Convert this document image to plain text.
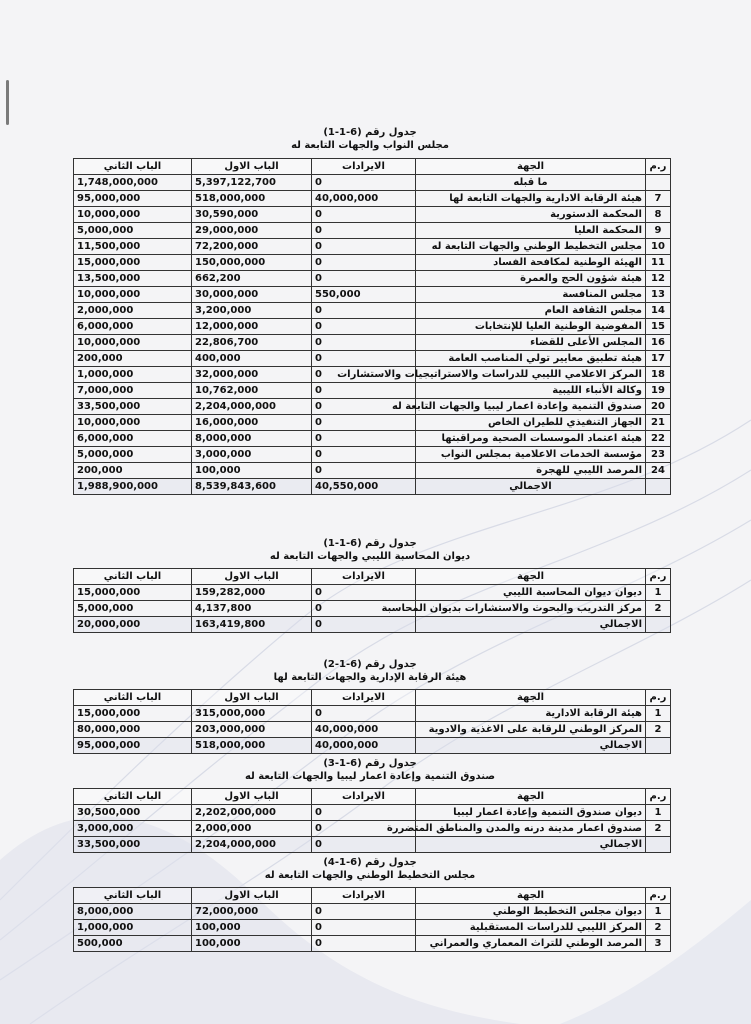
جدول رقم (6-1-1)
مجلس النواب والجهات التابعة له
ر.م	الجهة	الايرادات	الباب الاول	الباب الثاني
	ما قبله	0	5,397,122,700	1,748,000,000
7	هيئة الرقابة الادارية والجهات التابعة لها	40,000,000	518,000,000	95,000,000
8	المحكمة الدستورية	0	30,590,000	10,000,000
9	المحكمة العليا	0	29,000,000	5,000,000
10	مجلس التخطيط الوطني والجهات التابعة له	0	72,200,000	11,500,000
11	الهيئة الوطنية لمكافحة الفساد	0	150,000,000	15,000,000
12	هيئة شؤون الحج والعمرة	0	662,200	13,500,000
13	مجلس المنافسة	550,000	30,000,000	10,000,000
14	مجلس الثقافة العام	0	3,200,000	2,000,000
15	المفوضية الوطنية العليا للإنتخابات	0	12,000,000	6,000,000
16	المجلس الأعلى للقضاء	0	22,806,700	10,000,000
17	هيئة تطبيق معايير تولي المناصب العامة	0	400,000	200,000
18	المركز الاعلامي الليبي للدراسات والاستراتيجيات والاستشارات	0	32,000,000	1,000,000
19	وكالة الأنباء الليبية	0	10,762,000	7,000,000
20	صندوق التنمية وإعادة اعمار ليبيا والجهات التابعة له	0	2,204,000,000	33,500,000
21	الجهاز التنفيذي للطيران الخاص	0	16,000,000	10,000,000
22	هيئة اعتماد الموسسات الصحية ومراقبتها	0	8,000,000	6,000,000
23	مؤسسة الخدمات الاعلامية بمجلس النواب	0	3,000,000	5,000,000
24	المرصد الليبي للهجرة	0	100,000	200,000
	الاجمالي	40,550,000	8,539,843,600	1,988,900,000
جدول رقم (6-1-1)
ديوان المحاسبة الليبي والجهات التابعة له
ر.م	الجهة	الايرادات	الباب الاول	الباب الثاني
1	ديوان ديوان المحاسبة الليبي	0	159,282,000	15,000,000
2	مركز التدريب والبحوث والاستشارات بديوان المحاسبة	0	4,137,800	5,000,000
	الاجمالي	0	163,419,800	20,000,000
جدول رقم (6-1-2)
هيئة الرقابة الإدارية والجهات التابعة لها
ر.م	الجهة	الايرادات	الباب الاول	الباب الثاني
1	هيئة الرقابة الادارية	0	315,000,000	15,000,000
2	المركز الوطني للرقابة على الاغذية والادوية	40,000,000	203,000,000	80,000,000
	الاجمالي	40,000,000	518,000,000	95,000,000
جدول رقم (6-1-3)
صندوق التنمية وإعادة اعمار ليبيا والجهات التابعة له
ر.م	الجهة	الايرادات	الباب الاول	الباب الثاني
1	ديوان صندوق التنمية وإعادة اعمار ليبيا	0	2,202,000,000	30,500,000
2	صندوق اعمار مدينة درنه والمدن والمناطق المتضررة	0	2,000,000	3,000,000
	الاجمالي	0	2,204,000,000	33,500,000
جدول رقم (6-1-4)
مجلس التخطيط الوطني والجهات التابعة له
ر.م	الجهة	الايرادات	الباب الاول	الباب الثاني
1	ديوان مجلس التخطيط الوطني	0	72,000,000	8,000,000
2	المركز الليبي للدراسات المستقبلية	0	100,000	1,000,000
3	المرصد الوطني للتراث المعماري والعمراني	0	100,000	500,000
